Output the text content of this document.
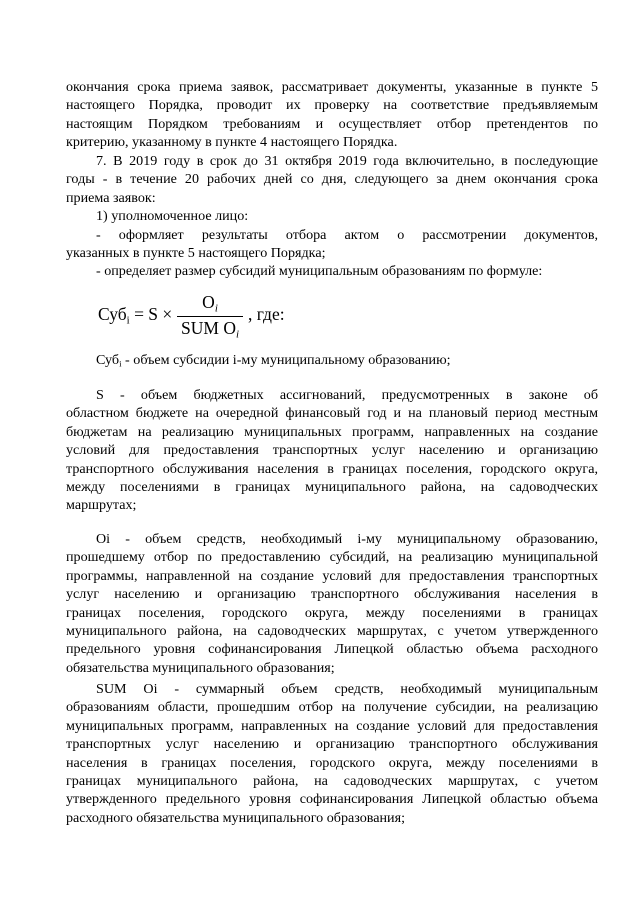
окончания срока приема заявок, рассматривает документы, указанные в пункте 5
настоящего Порядка, проводит их проверку на соответствие предъявляемым
настоящим Порядком требованиям и осуществляет отбор претендентов по
критерию, указанному в пункте 4 настоящего Порядка.
7. В 2019 году в срок до 31 октября 2019 года включительно, в последующие
годы - в течение 20 рабочих дней со дня, следующего за днем окончания срока
приема заявок:
1) уполномоченное лицо:
- оформляет результаты отбора актом о рассмотрении документов,
указанных в пункте 5 настоящего Порядка;
- определяет размер субсидий муниципальным образованиям по формуле:
Суб$_i$ = S ×
$O_i$
SUM $O_i$
, где:
Суб$_i$ - объем субсидии i-му муниципальному образованию;
S - объем бюджетных ассигнований, предусмотренных в законе об
областном бюджете на очередной финансовый год и на плановый период местным
бюджетам на реализацию муниципальных программ, направленных на создание
условий для предоставления транспортных услуг населению и организацию
транспортного обслуживания населения в границах поселения, городского округа,
между поселениями в границах муниципального района, на садоводческих
маршрутах;
Oi - объем средств, необходимый i-му муниципальному образованию,
прошедшему отбор по предоставлению субсидий, на реализацию муниципальной
программы, направленной на создание условий для предоставления транспортных
услуг населению и организацию транспортного обслуживания населения в
границах поселения, городского округа, между поселениями в границах
муниципального района, на садоводческих маршрутах, с учетом утвержденного
предельного уровня софинансирования Липецкой областью объема расходного
обязательства муниципального образования;
SUM Oi - суммарный объем средств, необходимый муниципальным
образованиям области, прошедшим отбор на получение субсидии, на реализацию
муниципальных программ, направленных на создание условий для предоставления
транспортных услуг населению и организацию транспортного обслуживания
населения в границах поселения, городского округа, между поселениями в
границах муниципального района, на садоводческих маршрутах, с учетом
утвержденного предельного уровня софинансирования Липецкой областью объема
расходного обязательства муниципального образования;
